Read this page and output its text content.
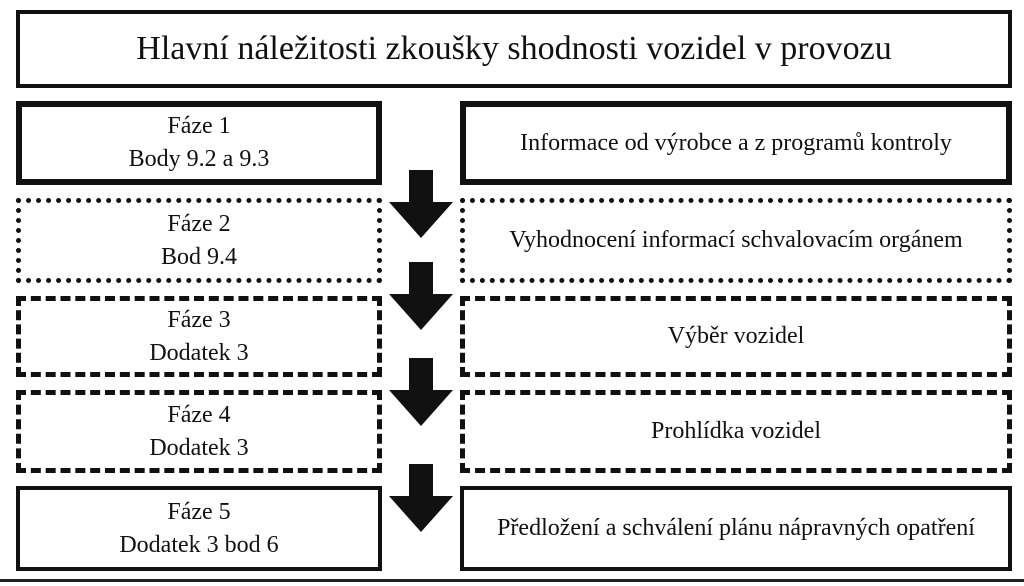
Hlavní náležitosti zkoušky shodnosti vozidel v provozu
Fáze 1
Body 9.2 a 9.3
Informace od výrobce a z programů kontroly
Fáze 2
Bod 9.4
Vyhodnocení informací schvalovacím orgánem
Fáze 3
Dodatek 3
Výběr vozidel
Fáze 4
Dodatek 3
Prohlídka vozidel
Fáze 5
Dodatek 3 bod 6
Předložení a schválení plánu nápravných opatření
